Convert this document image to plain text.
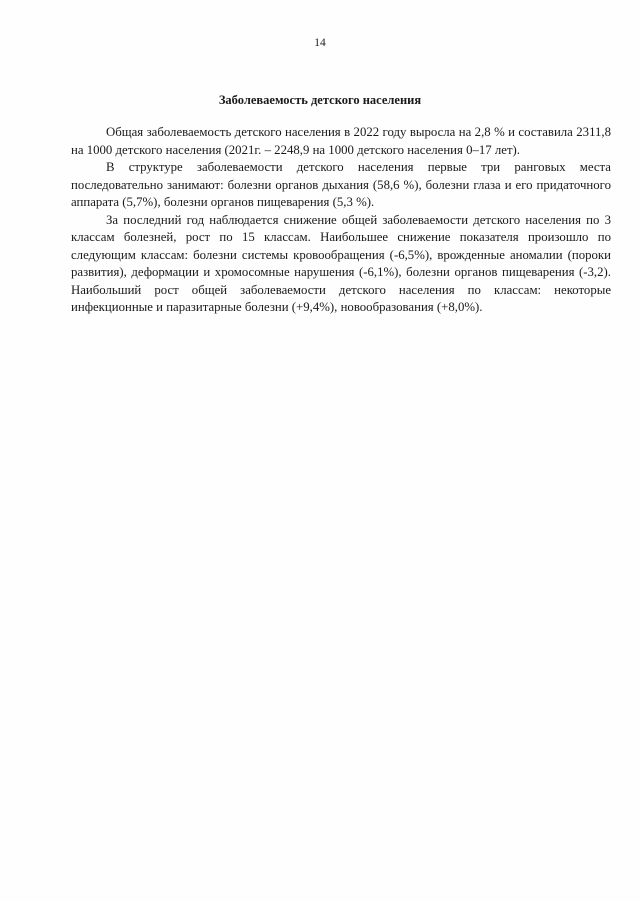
14
Заболеваемость детского населения

Общая заболеваемость детского населения в 2022 году выросла на 2,8 % и составила 2311,8 на 1000 детского населения (2021г. – 2248,9 на 1000 детского населения 0–17 лет).

В структуре заболеваемости детского населения первые три ранговых места последовательно занимают: болезни органов дыхания (58,6 %), болезни глаза и его придаточного аппарата (5,7%), болезни органов пищеварения (5,3 %).

За последний год наблюдается снижение общей заболеваемости детского населения по 3 классам болезней, рост по 15 классам. Наибольшее снижение показателя произошло по следующим классам: болезни системы кровообращения (-6,5%), врожденные аномалии (пороки развития), деформации и хромосомные нарушения (-6,1%), болезни органов пищеварения (-3,2). Наибольший рост общей заболеваемости детского населения по классам: некоторые инфекционные и паразитарные болезни (+9,4%), новообразования (+8,0%).
